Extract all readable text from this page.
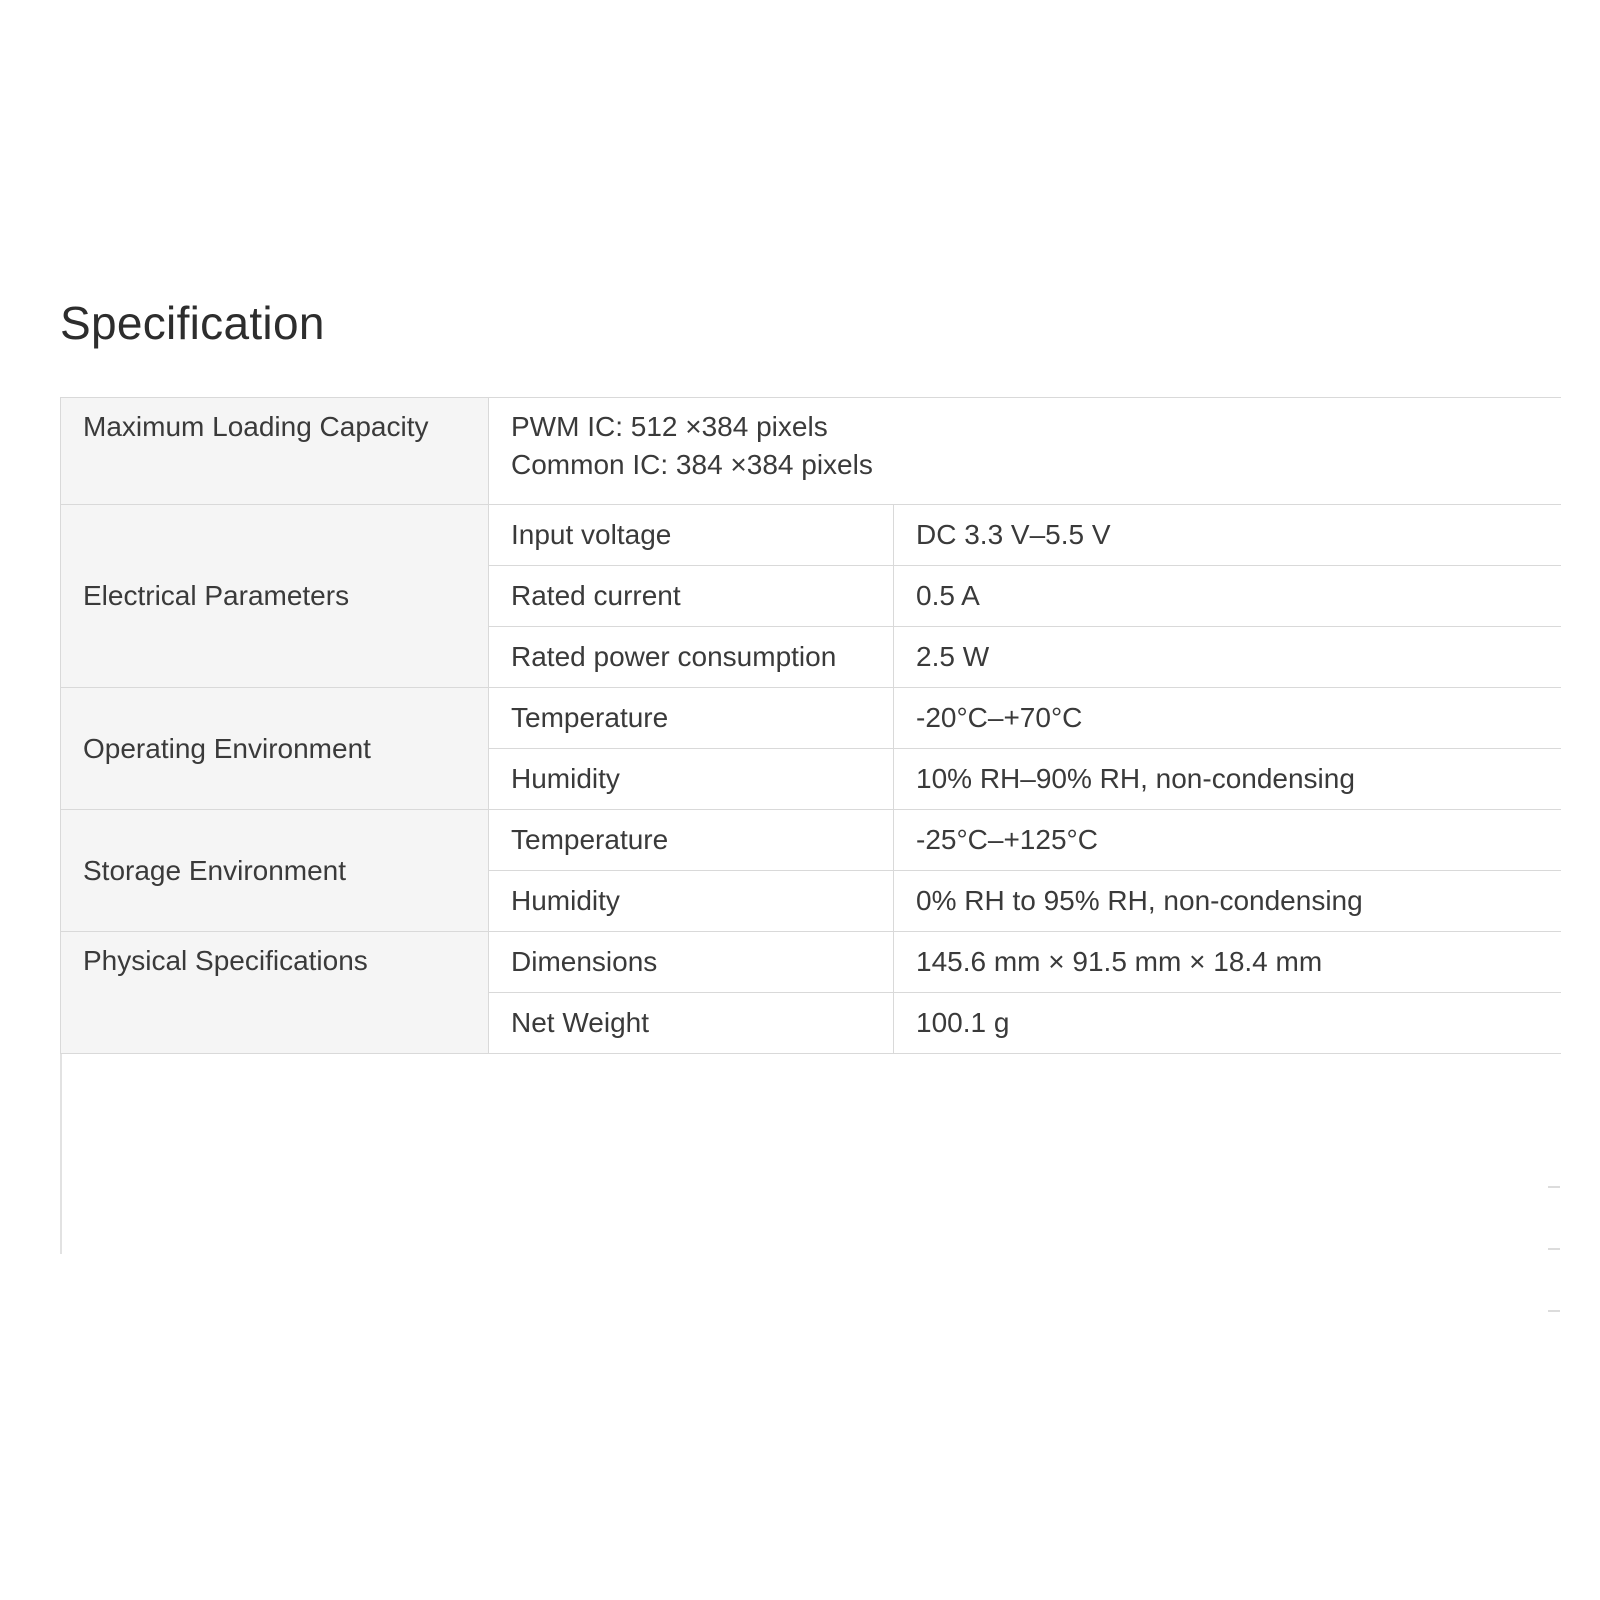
Specification
Maximum Loading Capacity	PWM IC: 512 ×384 pixels
Common IC: 384 ×384 pixels	

Electrical Parameters	Input voltage	DC 3.3 V–5.5 V
	Rated current	0.5 A
	Rated power consumption	2.5 W
Operating Environment	Temperature	-20°C–+70°C
	Humidity	10% RH–90% RH, non-condensing
Storage Environment	Temperature	-25°C–+125°C
	Humidity	0% RH to 95% RH, non-condensing
Physical Specifications	Dimensions	145.6 mm × 91.5 mm × 18.4 mm
	Net Weight	100.1 g
